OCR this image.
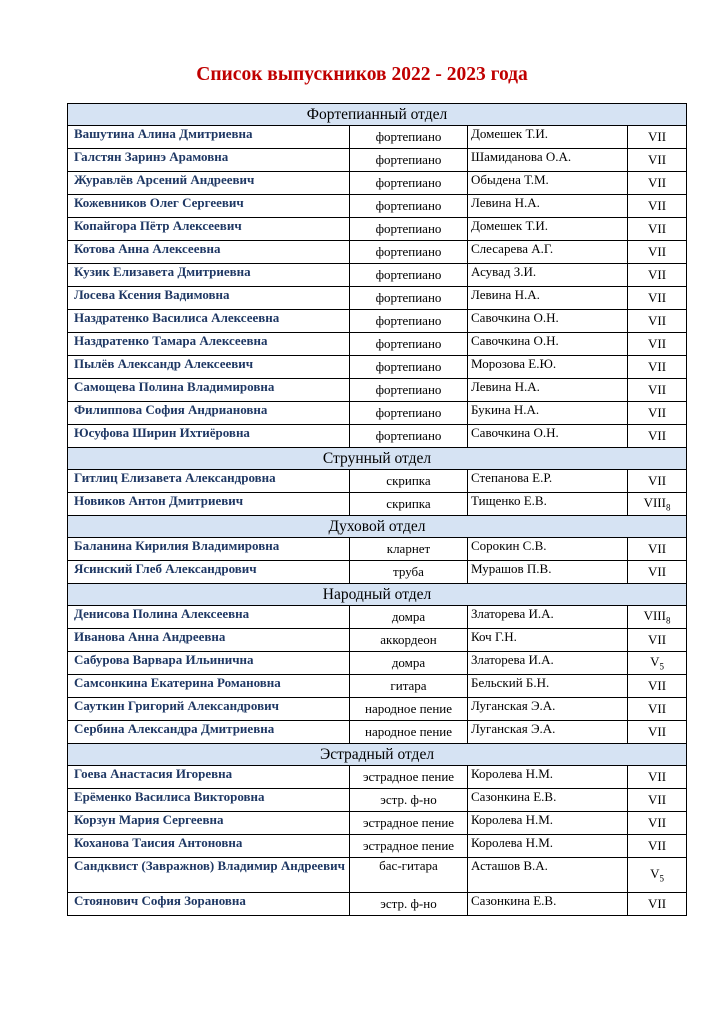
Список выпускников 2022 - 2023 года
Фортепианный отдел			
Вашутина Алина Дмитриевна	фортепиано	Домешек Т.И.	VII
Галстян Заринэ Арамовна	фортепиано	Шамиданова О.А.	VII
Журавлёв Арсений Андреевич	фортепиано	Обыдена Т.М.	VII
Кожевников Олег Сергеевич	фортепиано	Левина Н.А.	VII
Копайгора Пётр Алексеевич	фортепиано	Домешек Т.И.	VII
Котова Анна Алексеевна	фортепиано	Слесарева А.Г.	VII
Кузик Елизавета Дмитриевна	фортепиано	Асувад З.И.	VII
Лосева Ксения Вадимовна	фортепиано	Левина Н.А.	VII
Наздратенко Василиса Алексеевна	фортепиано	Савочкина О.Н.	VII
Наздратенко Тамара Алексеевна	фортепиано	Савочкина О.Н.	VII
Пылёв Александр Алексеевич	фортепиано	Морозова Е.Ю.	VII
Самощева Полина Владимировна	фортепиано	Левина Н.А.	VII
Филиппова София Андриановна	фортепиано	Букина Н.А.	VII
Юсуфова Ширин Ихтиёровна	фортепиано	Савочкина О.Н.	VII
Струнный отдел			
Гитлиц Елизавета Александровна	скрипка	Степанова Е.Р.	VII
Новиков Антон Дмитриевич	скрипка	Тищенко Е.В.	$VIII_8$
Духовой отдел			
Баланина Кирилия Владимировна	кларнет	Сорокин С.В.	VII
Ясинский Глеб Александрович	труба	Мурашов П.В.	VII
Народный отдел			
Денисова Полина Алексеевна	домра	Златорева И.А.	$VIII_8$
Иванова Анна Андреевна	аккордеон	Коч Г.Н.	VII
Сабурова Варвара Ильинична	домра	Златорева И.А.	$V_5$
Самсонкина Екатерина Романовна	гитара	Бельский Б.Н.	VII
Сауткин Григорий Александрович	народное пение	Луганская Э.А.	VII
Сербина Александра Дмитриевна	народное пение	Луганская Э.А.	VII
Эстрадный отдел			
Гоева Анастасия Игоревна	эстрадное пение	Королева Н.М.	VII
Ерёменко Василиса Викторовна	эстр. ф-но	Сазонкина Е.В.	VII
Корзун Мария Сергеевна	эстрадное пение	Королева Н.М.	VII
Коханова Таисия Антоновна	эстрадное пение	Королева Н.М.	VII
Сандквист (Завражнов) Владимир Андреевич	бас-гитара	Асташов В.А.	$V_5$
Стоянович София Зорановна	эстр. ф-но	Сазонкина Е.В.	VII
